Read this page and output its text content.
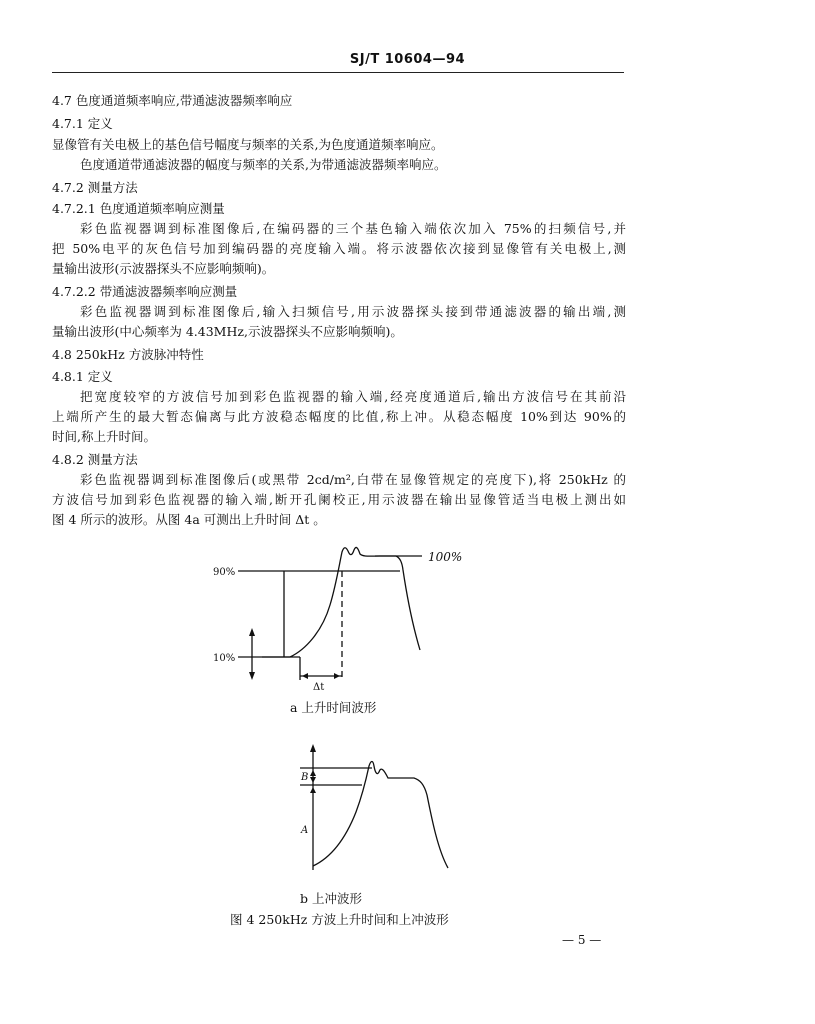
SJ/T 10604—94
4.7 色度通道频率响应,带通滤波器频率响应
4.7.1 定义
显像管有关电极上的基色信号幅度与频率的关系,为色度通道频率响应。
色度通道带通滤波器的幅度与频率的关系,为带通滤波器频率响应。
4.7.2 测量方法
4.7.2.1 色度通道频率响应测量
彩色监视器调到标准图像后,在编码器的三个基色输入端依次加入 75%的扫频信号,并
把 50%电平的灰色信号加到编码器的亮度输入端。将示波器依次接到显像管有关电极上,测
量输出波形(示波器探头不应影响频响)。
4.7.2.2 带通滤波器频率响应测量
彩色监视器调到标准图像后,输入扫频信号,用示波器探头接到带通滤波器的输出端,测
量输出波形(中心频率为 4.43MHz,示波器探头不应影响频响)。
4.8 250kHz 方波脉冲特性
4.8.1 定义
把宽度较窄的方波信号加到彩色监视器的输入端,经亮度通道后,输出方波信号在其前沿
上端所产生的最大暂态偏离与此方波稳态幅度的比值,称上冲。从稳态幅度 10%到达 90%的
时间,称上升时间。
4.8.2 测量方法
彩色监视器调到标准图像后(或黑带 2cd/m²,白带在显像管规定的亮度下),将 250kHz 的
方波信号加到彩色监视器的输入端,断开孔阑校正,用示波器在输出显像管适当电极上测出如
图 4 所示的波形。从图 4a 可测出上升时间 Δt 。
100%
90%
10%
Δt
a 上升时间波形
B
A
b 上冲波形
图 4 250kHz 方波上升时间和上冲波形
— 5 —
